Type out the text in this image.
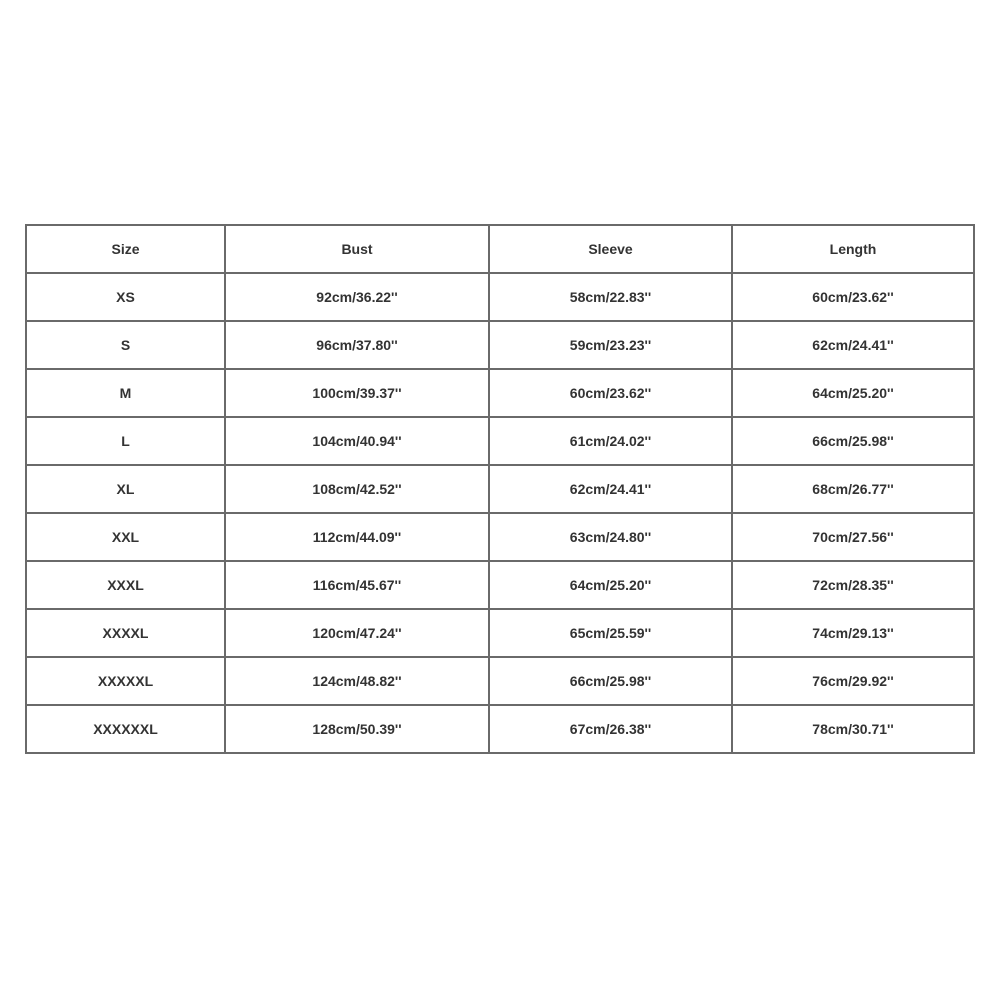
Size	Bust	Sleeve	Length
XS	92cm/36.22''	58cm/22.83''	60cm/23.62''
S	96cm/37.80''	59cm/23.23''	62cm/24.41''
M	100cm/39.37''	60cm/23.62''	64cm/25.20''
L	104cm/40.94''	61cm/24.02''	66cm/25.98''
XL	108cm/42.52''	62cm/24.41''	68cm/26.77''
XXL	112cm/44.09''	63cm/24.80''	70cm/27.56''
XXXL	116cm/45.67''	64cm/25.20''	72cm/28.35''
XXXXL	120cm/47.24''	65cm/25.59''	74cm/29.13''
XXXXXL	124cm/48.82''	66cm/25.98''	76cm/29.92''
XXXXXXL	128cm/50.39''	67cm/26.38''	78cm/30.71''
